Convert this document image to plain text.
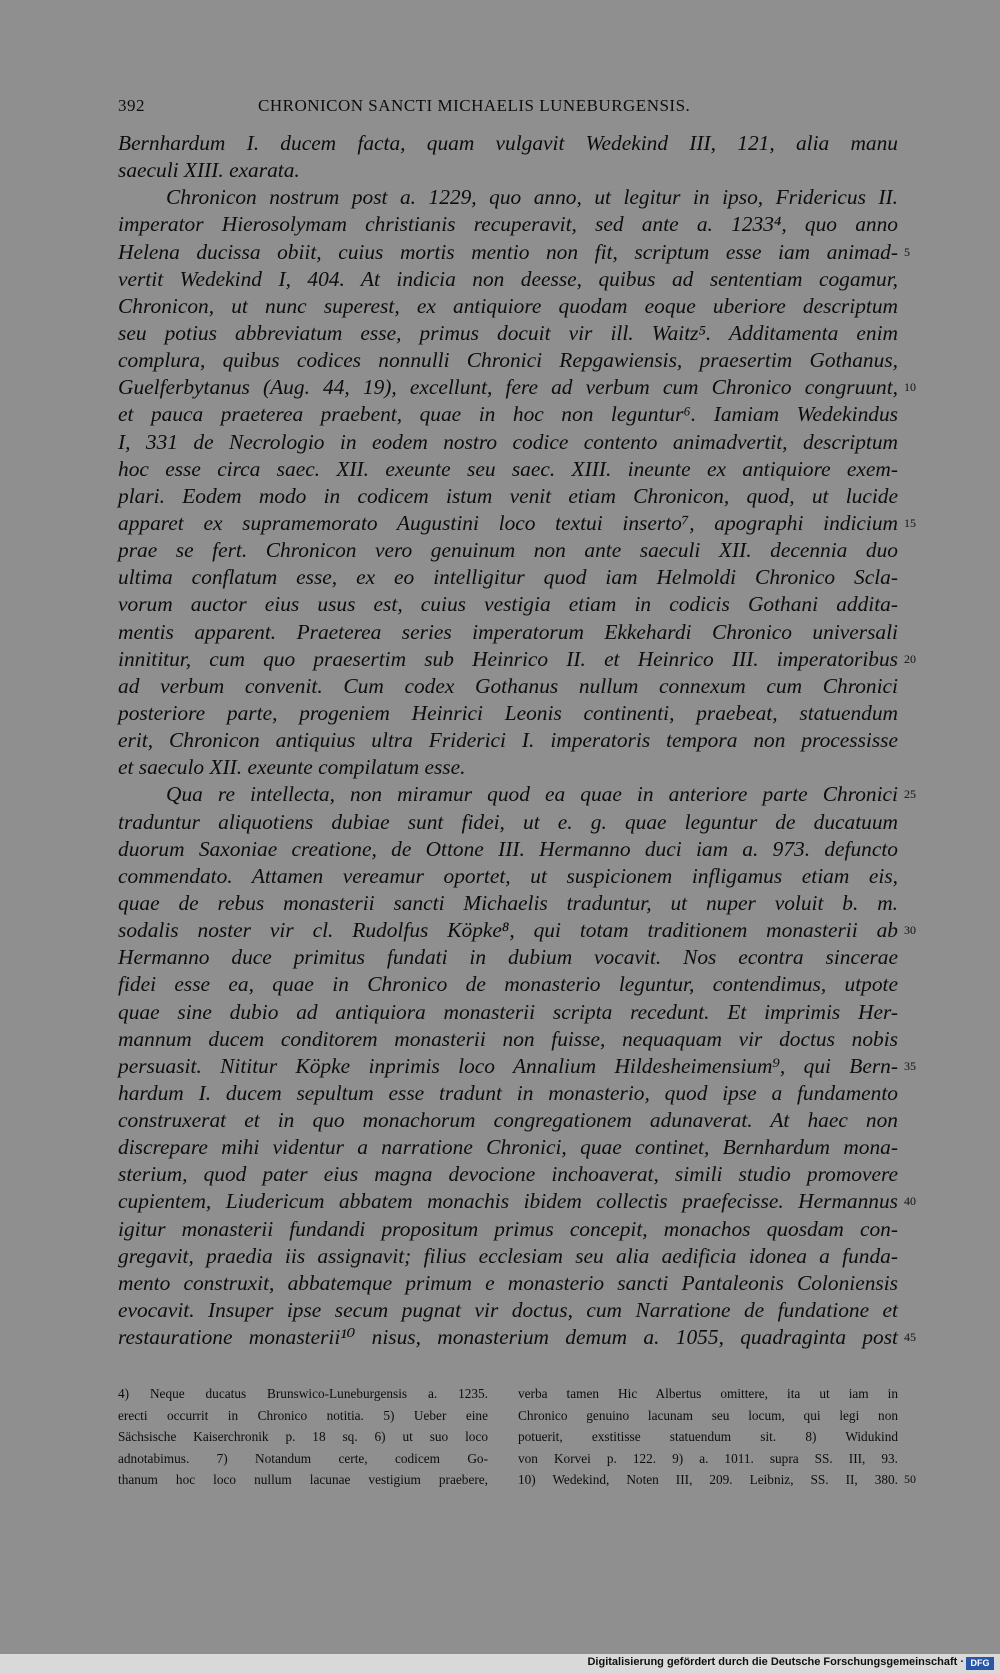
392	CHRONICON SANCTI MICHAELIS LUNEBURGENSIS.
Bernhardum I. ducem facta, quam vulgavit Wedekind III, 121, alia manu
saeculi XIII. exarata.
Chronicon nostrum post a. 1229, quo anno, ut legitur in ipso, Fridericus II.
imperator Hierosolymam christianis recuperavit, sed ante a. 1233⁴, quo anno
Helena ducissa obiit, cuius mortis mentio non fit, scriptum esse iam animad- 5
vertit Wedekind I, 404. At indicia non deesse, quibus ad sententiam cogamur,
Chronicon, ut nunc superest, ex antiquiore quodam eoque uberiore descriptum
seu potius abbreviatum esse, primus docuit vir ill. Waitz⁵. Additamenta enim
complura, quibus codices nonnulli Chronici Repgawiensis, praesertim Gothanus,
Guelferbytanus (Aug. 44, 19), excellunt, fere ad verbum cum Chronico congruunt, 10
et pauca praeterea praebent, quae in hoc non leguntur⁶. Iamiam Wedekindus
I, 331 de Necrologio in eodem nostro codice contento animadvertit, descriptum
hoc esse circa saec. XII. exeunte seu saec. XIII. ineunte ex antiquiore exem-
plari. Eodem modo in codicem istum venit etiam Chronicon, quod, ut lucide
apparet ex supramemorato Augustini loco textui inserto⁷, apographi indicium 15
prae se fert. Chronicon vero genuinum non ante saeculi XII. decennia duo
ultima conflatum esse, ex eo intelligitur quod iam Helmoldi Chronico Scla-
vorum auctor eius usus est, cuius vestigia etiam in codicis Gothani addita-
mentis apparent. Praeterea series imperatorum Ekkehardi Chronico universali
innititur, cum quo praesertim sub Heinrico II. et Heinrico III. imperatoribus 20
ad verbum convenit. Cum codex Gothanus nullum connexum cum Chronici
posteriore parte, progeniem Heinrici Leonis continenti, praebeat, statuendum
erit, Chronicon antiquius ultra Friderici I. imperatoris tempora non processisse
et saeculo XII. exeunte compilatum esse.
Qua re intellecta, non miramur quod ea quae in anteriore parte Chronici 25
traduntur aliquotiens dubiae sunt fidei, ut e. g. quae leguntur de ducatuum
duorum Saxoniae creatione, de Ottone III. Hermanno duci iam a. 973. defuncto
commendato. Attamen vereamur oportet, ut suspicionem infligamus etiam eis,
quae de rebus monasterii sancti Michaelis traduntur, ut nuper voluit b. m.
sodalis noster vir cl. Rudolfus Köpke⁸, qui totam traditionem monasterii ab 30
Hermanno duce primitus fundati in dubium vocavit. Nos econtra sincerae
fidei esse ea, quae in Chronico de monasterio leguntur, contendimus, utpote
quae sine dubio ad antiquiora monasterii scripta recedunt. Et imprimis Her-
mannum ducem conditorem monasterii non fuisse, nequaquam vir doctus nobis
persuasit. Nititur Köpke inprimis loco Annalium Hildesheimensium⁹, qui Bern- 35
hardum I. ducem sepultum esse tradunt in monasterio, quod ipse a fundamento
construxerat et in quo monachorum congregationem adunaverat. At haec non
discrepare mihi videntur a narratione Chronici, quae continet, Bernhardum mona-
sterium, quod pater eius magna devocione inchoaverat, simili studio promovere
cupientem, Liudericum abbatem monachis ibidem collectis praefecisse. Hermannus 40
igitur monasterii fundandi propositum primus concepit, monachos quosdam con-
gregavit, praedia iis assignavit; filius ecclesiam seu alia aedificia idonea a funda-
mento construxit, abbatemque primum e monasterio sancti Pantaleonis Coloniensis
evocavit. Insuper ipse secum pugnat vir doctus, cum Narratione de fundatione et
restauratione monasterii¹⁰ nisus, monasterium demum a. 1055, quadraginta post 45
4) Neque ducatus Brunswico-Luneburgensis a. 1235. verba tamen Hic Albertus omittere, ita ut iam in
erecti occurrit in Chronico notitia. 5) Ueber eine Chronico genuino lacunam seu locum, qui legi non
Sächsische Kaiserchronik p. 18 sq. 6) ut suo loco potuerit, exstitisse statuendum sit. 8) Widukind
adnotabimus. 7) Notandum certe, codicem Go- von Korvei p. 122. 9) a. 1011. supra SS. III, 93.
thanum hoc loco nullum lacunae vestigium praebere, 10) Wedekind, Noten III, 209. Leibniz, SS. II, 380. 50
Digitalisierung gefördert durch die Deutsche Forschungsgemeinschaft · DFG
